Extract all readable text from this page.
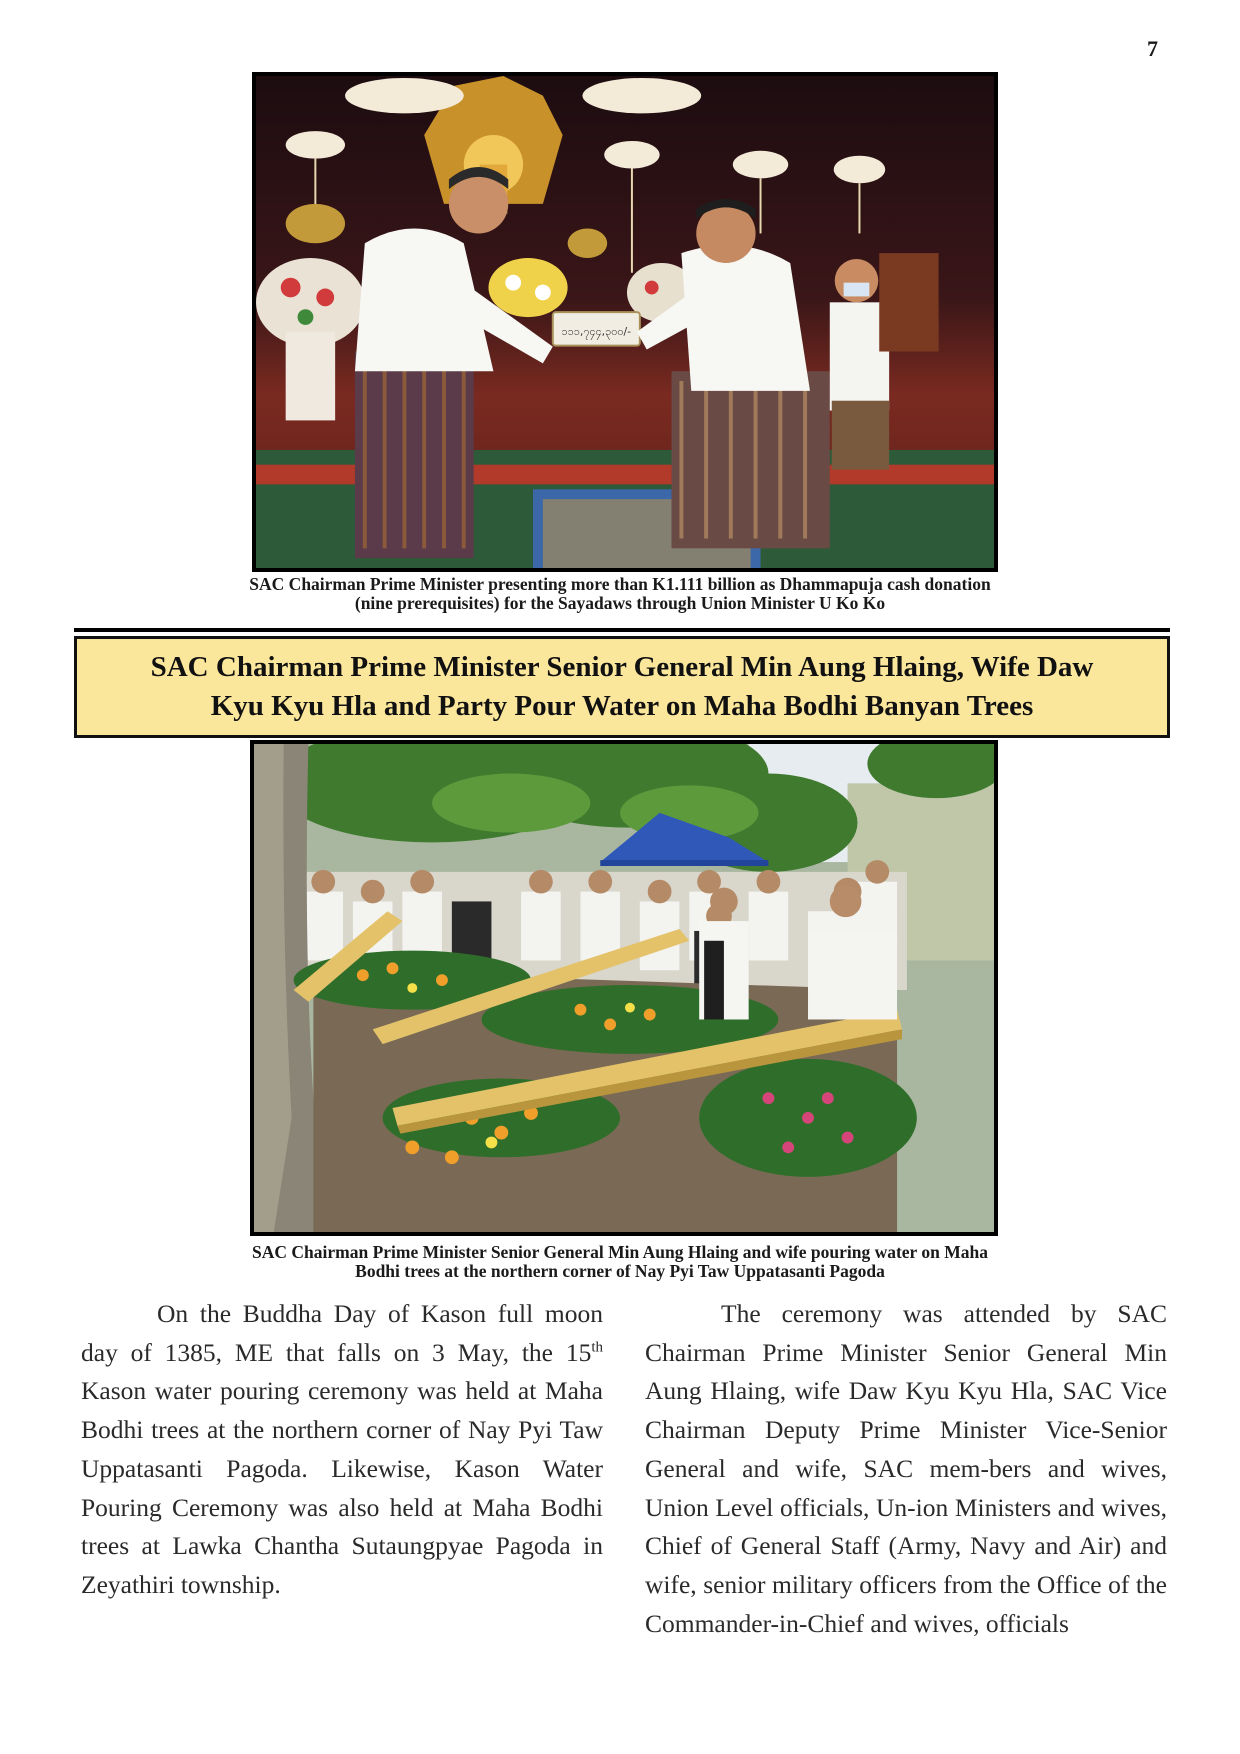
7
၁၁၁,၇၄၄,၃၀၀/-
SAC Chairman Prime Minister presenting more than K1.111 billion as Dhammapuja cash donation
(nine prerequisites) for the Sayadaws through Union Minister U Ko Ko
SAC Chairman Prime Minister Senior General Min Aung Hlaing, Wife Daw
Kyu Kyu Hla and Party Pour Water on Maha Bodhi Banyan Trees
SAC Chairman Prime Minister Senior General Min Aung Hlaing and wife pouring water on Maha
Bodhi trees at the northern corner of Nay Pyi Taw Uppatasanti Pagoda

On the Buddha Day of Kason full moon day of 1385, ME that falls on 3 May, the 15th Kason water pouring ceremony was held at Maha Bodhi trees at the northern corner of Nay Pyi Taw Uppatasanti Pagoda. Likewise, Kason Water Pouring Ceremony was also held at Maha Bodhi trees at Lawka Chantha Sutaungpyae Pagoda in Zeyathiri township.

The ceremony was attended by SAC Chairman Prime Minister Senior General Min Aung Hlaing, wife Daw Kyu Kyu Hla, SAC Vice Chairman Deputy Prime Minister Vice-Senior General and wife, SAC mem-bers and wives, Union Level officials, Un-ion Ministers and wives, Chief of General Staff (Army, Navy and Air) and wife, senior military officers from the Office of the Commander-in-Chief and wives, officials
